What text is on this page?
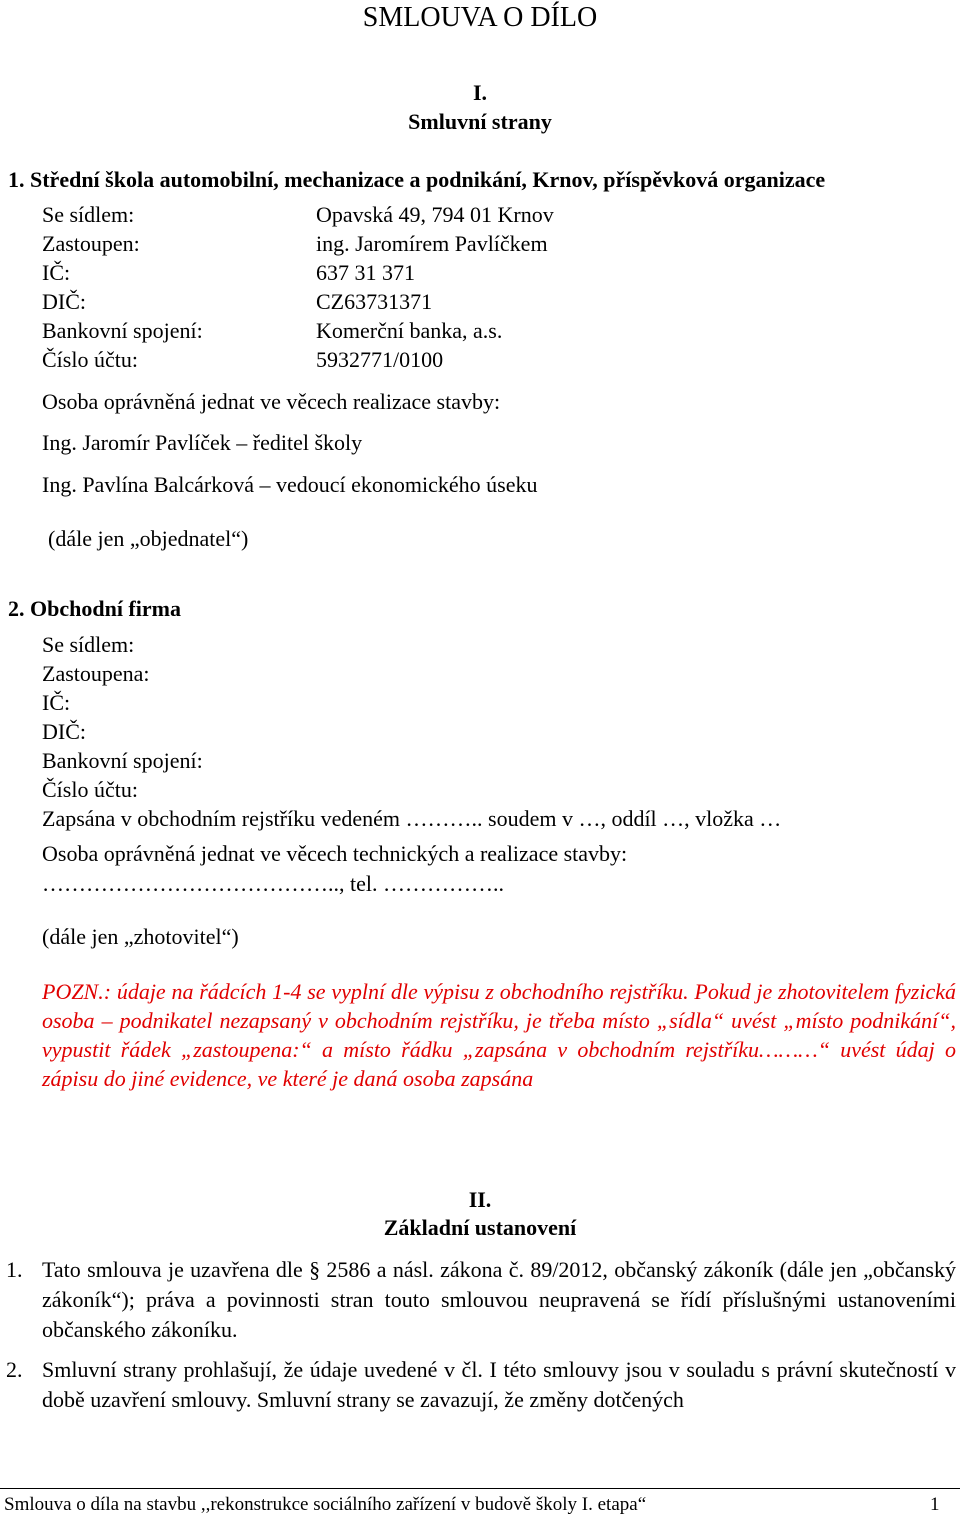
SMLOUVA O DÍLO
I.
Smluvní strany
1. Střední škola automobilní, mechanizace a podnikání, Krnov, příspěvková organizace
Se sídlem:	Opavská 49, 794 01 Krnov
Zastoupen:	ing. Jaromírem Pavlíčkem
IČ:	637 31 371
DIČ:	CZ63731371
Bankovní spojení:	Komerční banka, a.s.
Číslo účtu:	5932771/0100
Osoba oprávněná jednat ve věcech realizace stavby:
Ing. Jaromír Pavlíček – ředitel školy
Ing. Pavlína Balcárková – vedoucí ekonomického úseku
(dále jen „objednatel“)
2. Obchodní firma
Se sídlem:
Zastoupena:
IČ:
DIČ:
Bankovní spojení:
Číslo účtu:
Zapsána v obchodním rejstříku vedeném ……….. soudem v …, oddíl …, vložka …
Osoba oprávněná jednat ve věcech technických a realizace stavby:
………………………………….., tel. ……………..
(dále jen „zhotovitel“)
POZN.: údaje na řádcích 1-4 se vyplní dle výpisu z obchodního rejstříku. Pokud je zhotovitelem fyzická osoba – podnikatel nezapsaný v obchodním rejstříku, je třeba místo „sídla“ uvést „místo podnikání“, vypustit řádek „zastoupena:“ a místo řádku „zapsána v obchodním rejstříku………“ uvést údaj o zápisu do jiné evidence, ve které je daná osoba zapsána
II.
Základní ustanovení
1. Tato smlouva je uzavřena dle § 2586 a násl. zákona č. 89/2012, občanský zákoník (dále jen „občanský zákoník“); práva a povinnosti stran touto smlouvou neupravená se řídí příslušnými ustanoveními občanského zákoníku.
2. Smluvní strany prohlašují, že údaje uvedené v čl. I této smlouvy jsou v souladu s právní skutečností v době uzavření smlouvy. Smluvní strany se zavazují, že změny dotčených
Smlouva o díla na stavbu ,,rekonstrukce sociálního zařízení v budově školy I. etapa“	1
